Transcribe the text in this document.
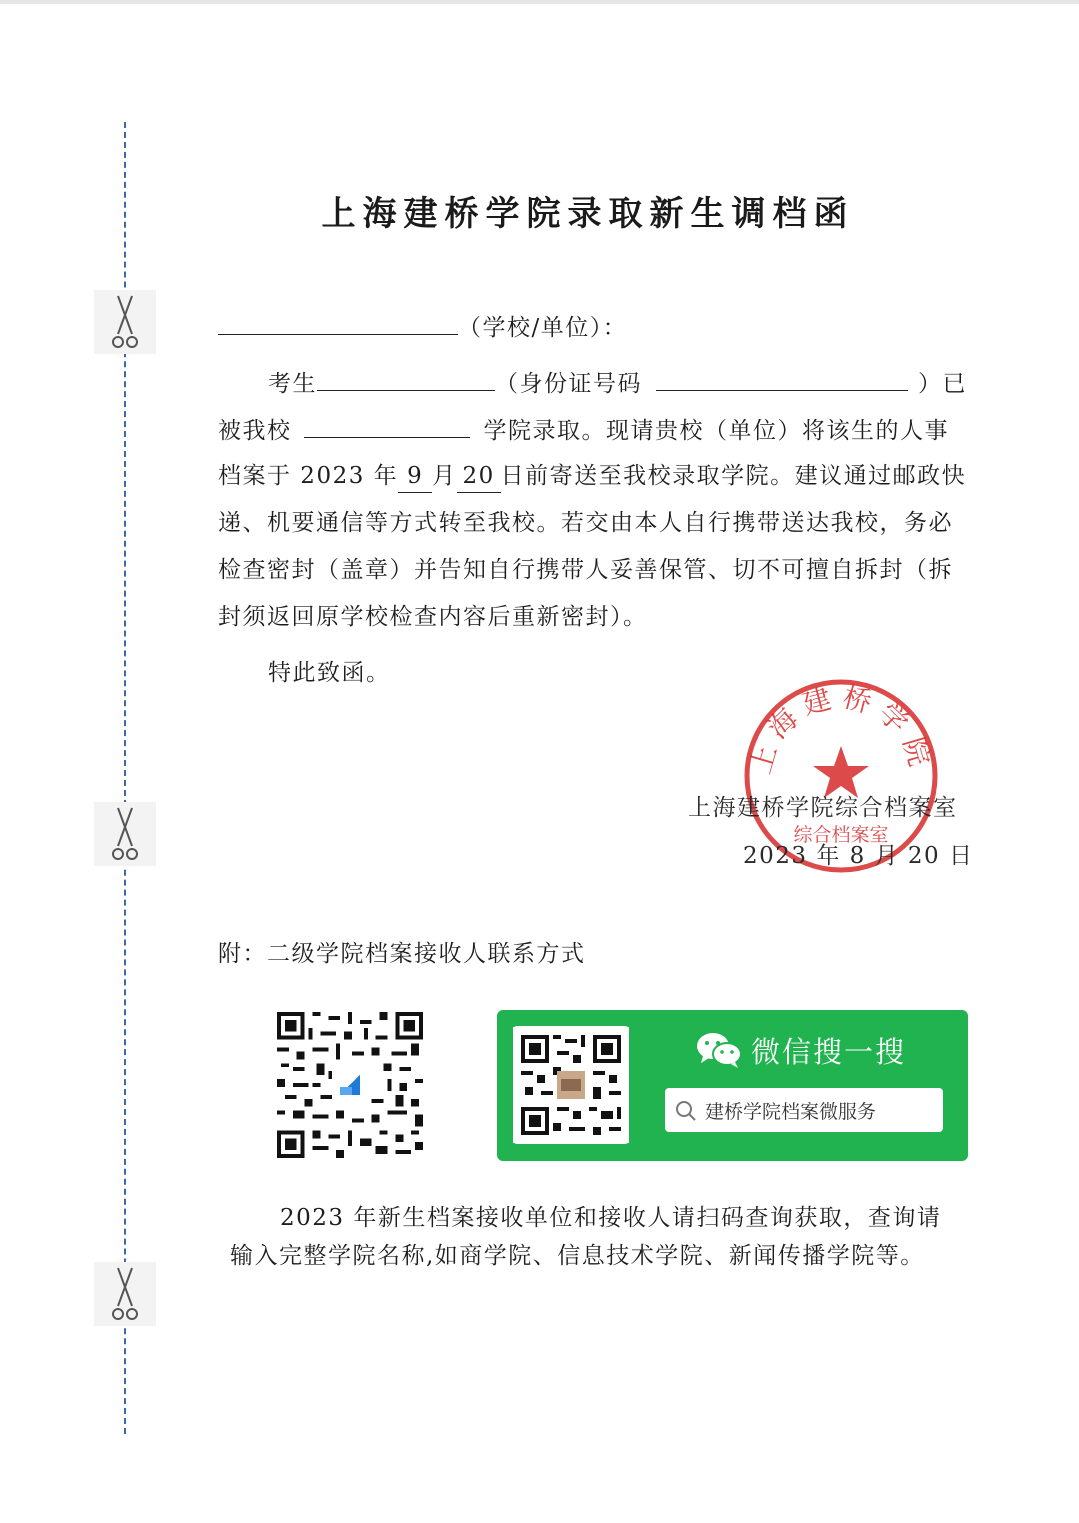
上海建桥学院录取新生调档函
（学校/单位）：
考生	（身份证号码	）已
被我校	学院录取。现请贵校（单位）将该生的人事
档案于 2023 年 9 月 20 日前寄送至我校录取学院。建议通过邮政快
递、机要通信等方式转至我校。若交由本人自行携带送达我校，务必
检查密封（盖章）并告知自行携带人妥善保管、切不可擅自拆封（拆
封须返回原学校检查内容后重新密封）。
特此致函。
上海建桥学院
综合档案室
上海建桥学院综合档案室
2023 年 8 月 20 日
附：二级学院档案接收人联系方式
微信搜一搜
建桥学院档案微服务
2023 年新生档案接收单位和接收人请扫码查询获取，查询请
输入完整学院名称,如商学院、信息技术学院、新闻传播学院等。
